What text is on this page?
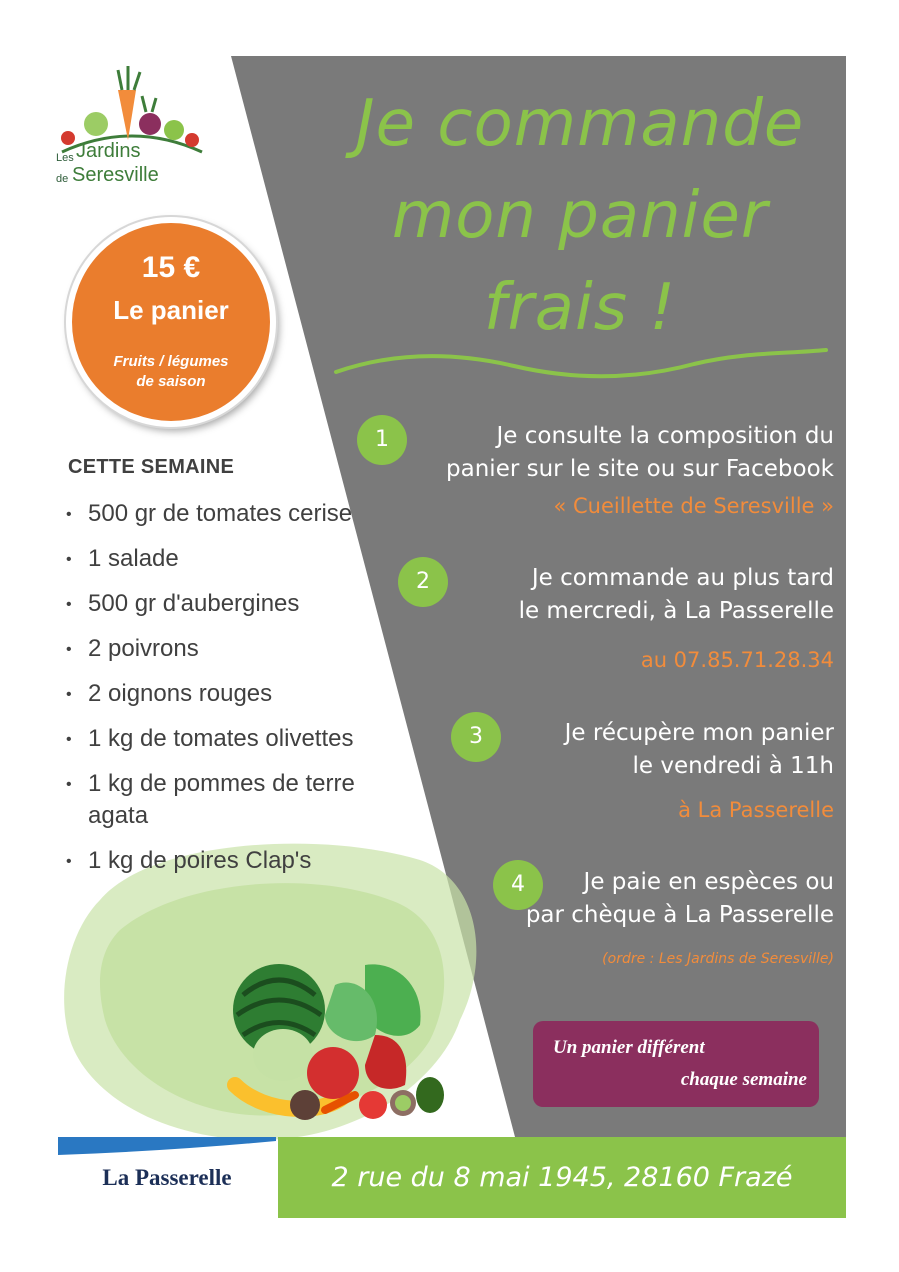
Les Jardins
de Seresville
15 €
Le panier
Fruits / légumes
de saison
CETTE SEMAINE
• 500 gr de tomates cerise
• 1 salade
• 500 gr d'aubergines
• 2 poivrons
• 2 oignons rouges
• 1 kg de tomates olivettes
• 1 kg de pommes de terre agata
• 1 kg de poires Clap's
Je commande
mon panier
frais !
1	Je consulte la composition du
panier sur le site ou sur Facebook
« Cueillette de Seresville »
2	Je commande au plus tard
le mercredi, à La Passerelle
au 07.85.71.28.34
3	Je récupère mon panier
le vendredi à 11h
à La Passerelle
4	Je paie en espèces ou
par chèque à La Passerelle
(ordre : Les Jardins de Seresville)
Un panier différent
chaque semaine
La Passerelle	2 rue du 8 mai 1945, 28160 Frazé
